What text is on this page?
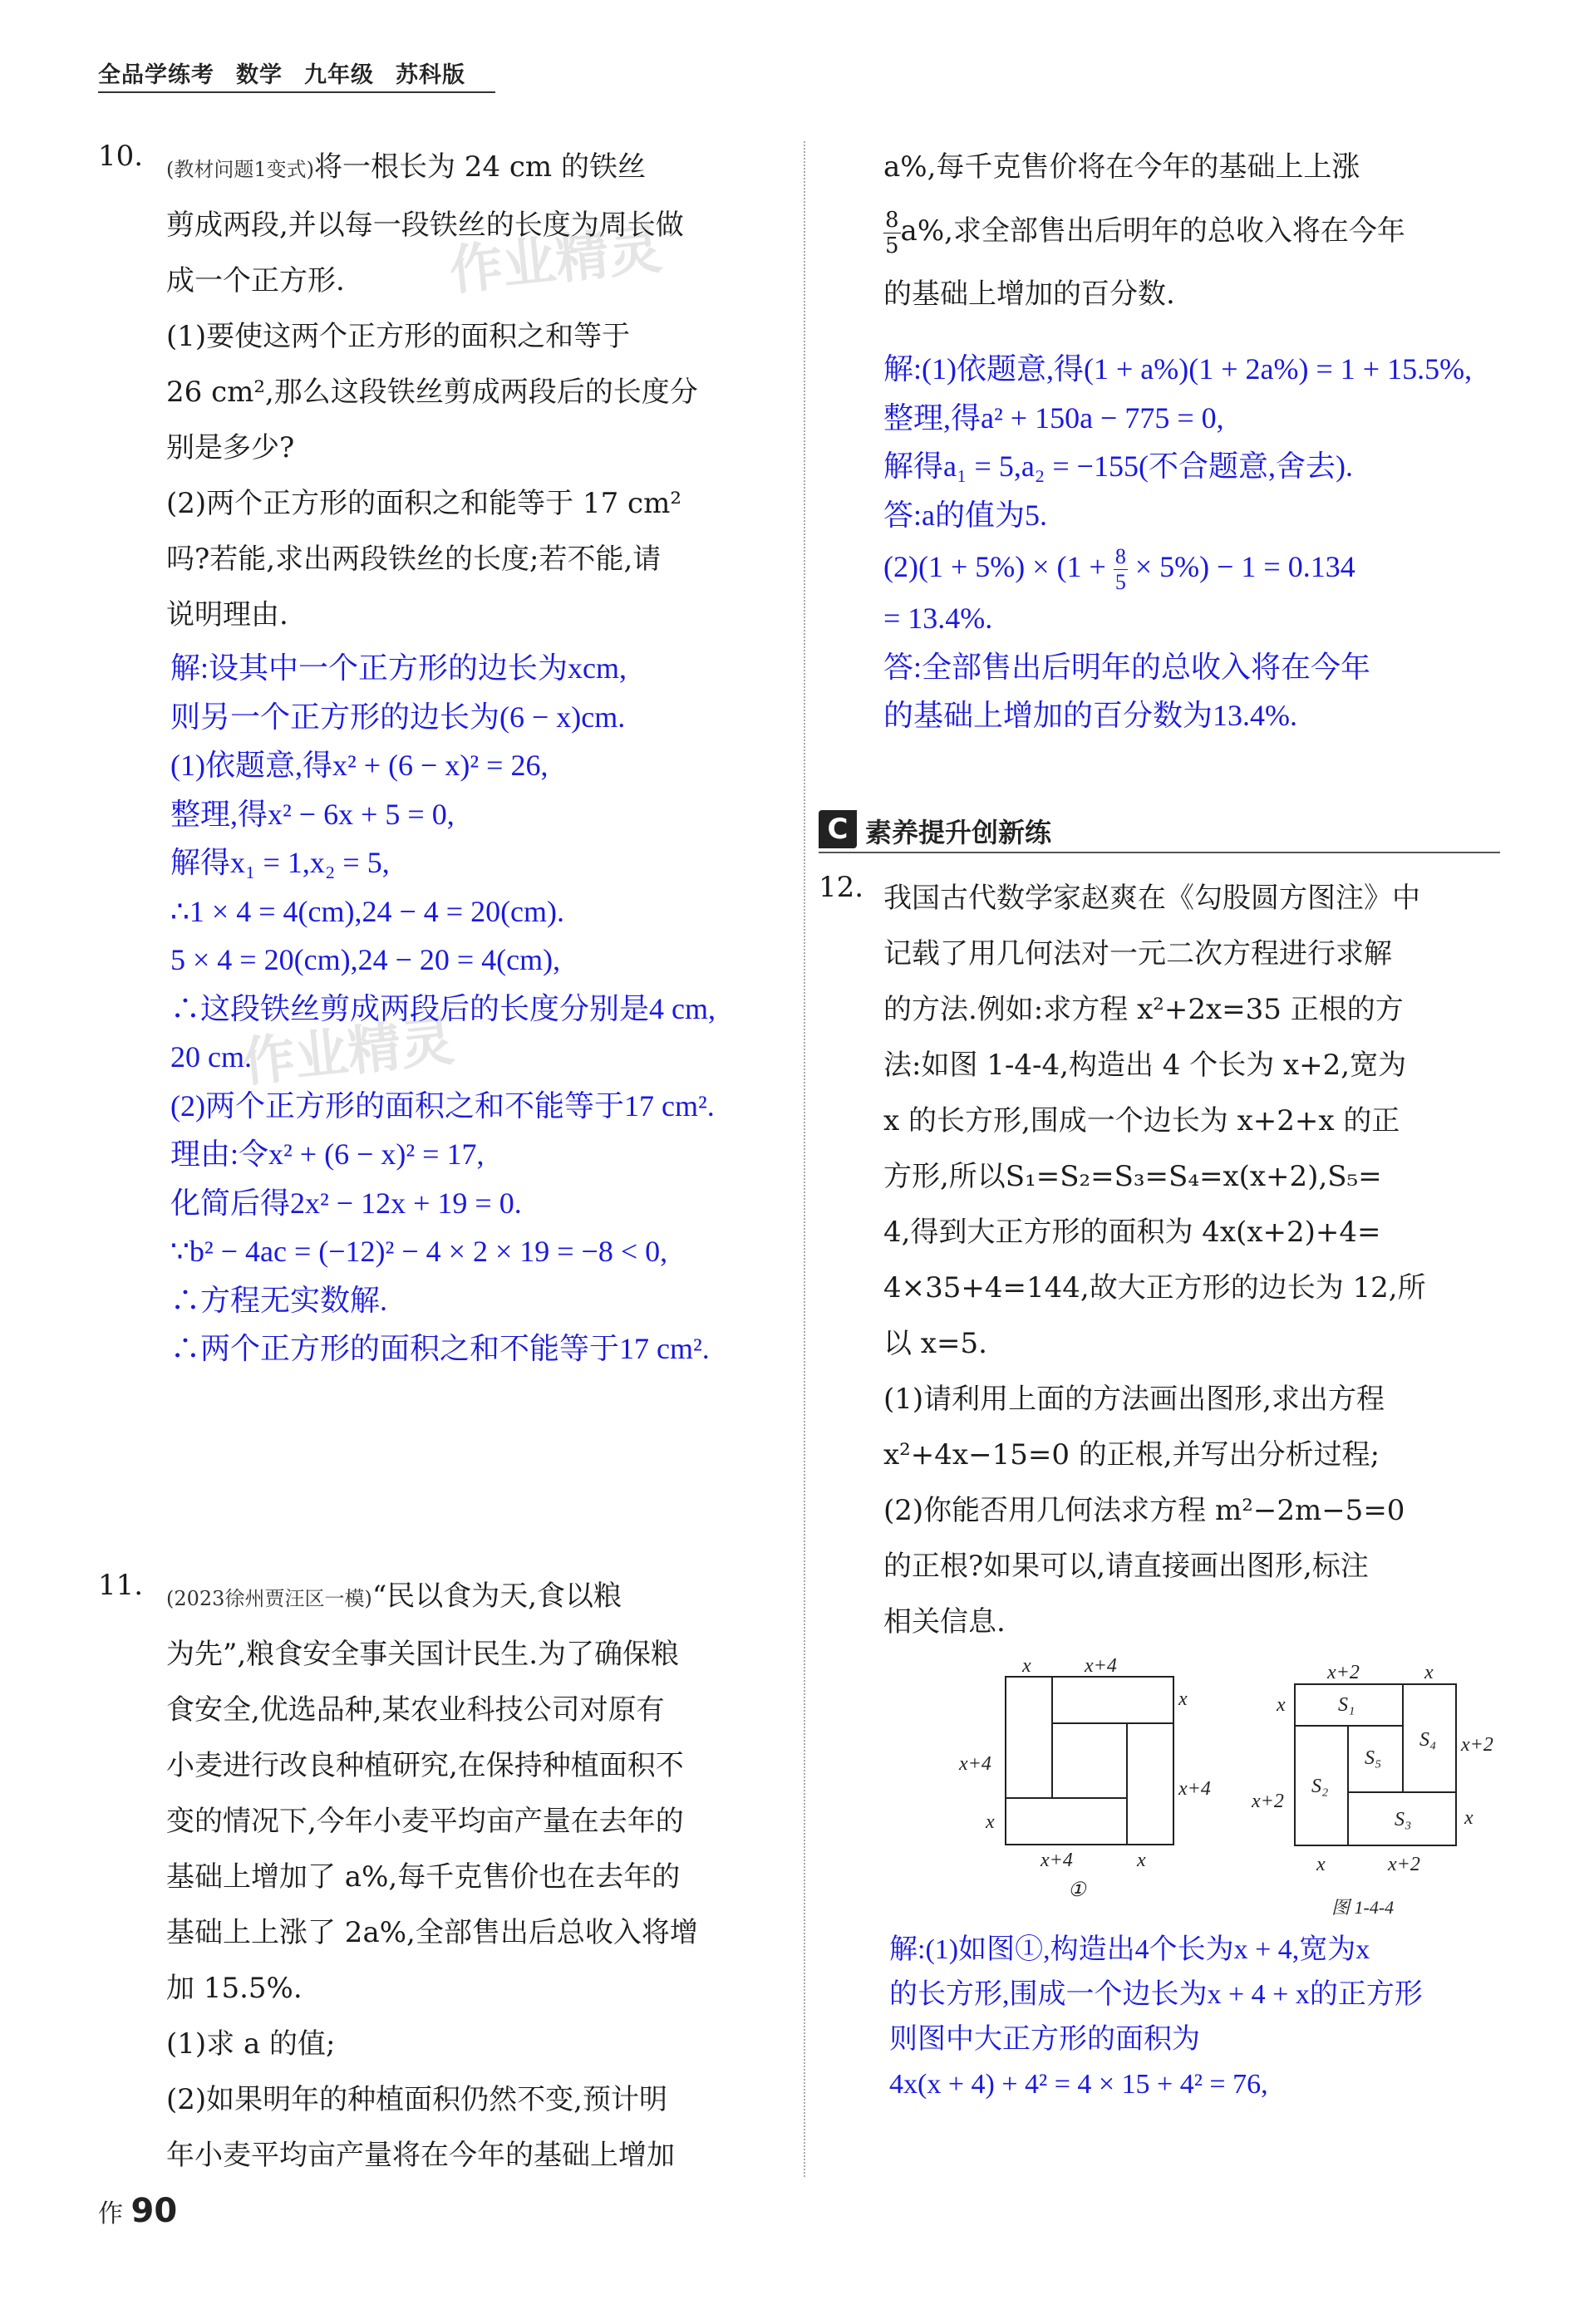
全品学练考 数学 九年级 苏科版
作业精灵
作业精灵
10. (教材问题1变式)将一根长为 24 cm 的铁丝
剪成两段,并以每一段铁丝的长度为周长做
成一个正方形.
(1)要使这两个正方形的面积之和等于
26 cm²,那么这段铁丝剪成两段后的长度分
别是多少?
(2)两个正方形的面积之和能等于 17 cm²
吗?若能,求出两段铁丝的长度;若不能,请
说明理由.
解:设其中一个正方形的边长为xcm,
则另一个正方形的边长为(6 − x)cm.
(1)依题意,得x² + (6 − x)² = 26,
整理,得x² − 6x + 5 = 0,
解得x₁ = 1,x₂ = 5,
∴1 × 4 = 4(cm),24 − 4 = 20(cm).
5 × 4 = 20(cm),24 − 20 = 4(cm),
∴这段铁丝剪成两段后的长度分别是4 cm,
20 cm.
(2)两个正方形的面积之和不能等于17 cm².
理由:令x² + (6 − x)² = 17,
化简后得2x² − 12x + 19 = 0.
∵b² − 4ac = (−12)² − 4 × 2 × 19 = −8 < 0,
∴方程无实数解.
∴两个正方形的面积之和不能等于17 cm².
11. (2023徐州贾汪区一模)“民以食为天,食以粮
为先”,粮食安全事关国计民生.为了确保粮
食安全,优选品种,某农业科技公司对原有
小麦进行改良种植研究,在保持种植面积不
变的情况下,今年小麦平均亩产量在去年的
基础上增加了 a%,每千克售价也在去年的
基础上上涨了 2a%,全部售出后总收入将增
加 15.5%.
(1)求 a 的值;
(2)如果明年的种植面积仍然不变,预计明
年小麦平均亩产量将在今年的基础上增加
a%,每千克售价将在今年的基础上上涨
$\frac{8}{5} a\%$,求全部售出后明年的总收入将在今年
的基础上增加的百分数.
解:(1)依题意,得(1 + a%)(1 + 2a%) = 1 + 15.5%,
整理,得a² + 150a − 775 = 0,
解得a₁ = 5,a₂ = −155(不合题意,舍去).
答:a的值为5.
$(2)(1 + 5\%) \times (1 + \frac{8}{5} \times 5\%) - 1 = 0.134$
= 13.4%.
答:全部售出后明年的总收入将在今年
的基础上增加的百分数为13.4%.
C 素养提升创新练
12. 我国古代数学家赵爽在《勾股圆方图注》中
记载了用几何法对一元二次方程进行求解
的方法.例如:求方程 x²+2x=35 正根的方
法:如图 1-4-4,构造出 4 个长为 x+2,宽为
x 的长方形,围成一个边长为 x+2+x 的正
方形,所以S₁=S₂=S₃=S₄=x(x+2),S₅=
4,得到大正方形的面积为 4x(x+2)+4=
4×35+4=144,故大正方形的边长为 12,所
以 x=5.
(1)请利用上面的方法画出图形,求出方程
x²+4x−15=0 的正根,并写出分析过程;
(2)你能否用几何法求方程 m²−2m−5=0
的正根?如果可以,请直接画出图形,标注
相关信息.
x	x+4
x
x+4
x+4
x
x+4	x
①
x+2	x
x
x+2
x+2
x
x	x+2
S₁
S₂
S₃
S₄
S₅
图 1-4-4
解:(1)如图①,构造出4个长为x + 4,宽为x
的长方形,围成一个边长为x + 4 + x的正方形
则图中大正方形的面积为
4x(x + 4) + 4² = 4 × 15 + 4² = 76,
作 90
